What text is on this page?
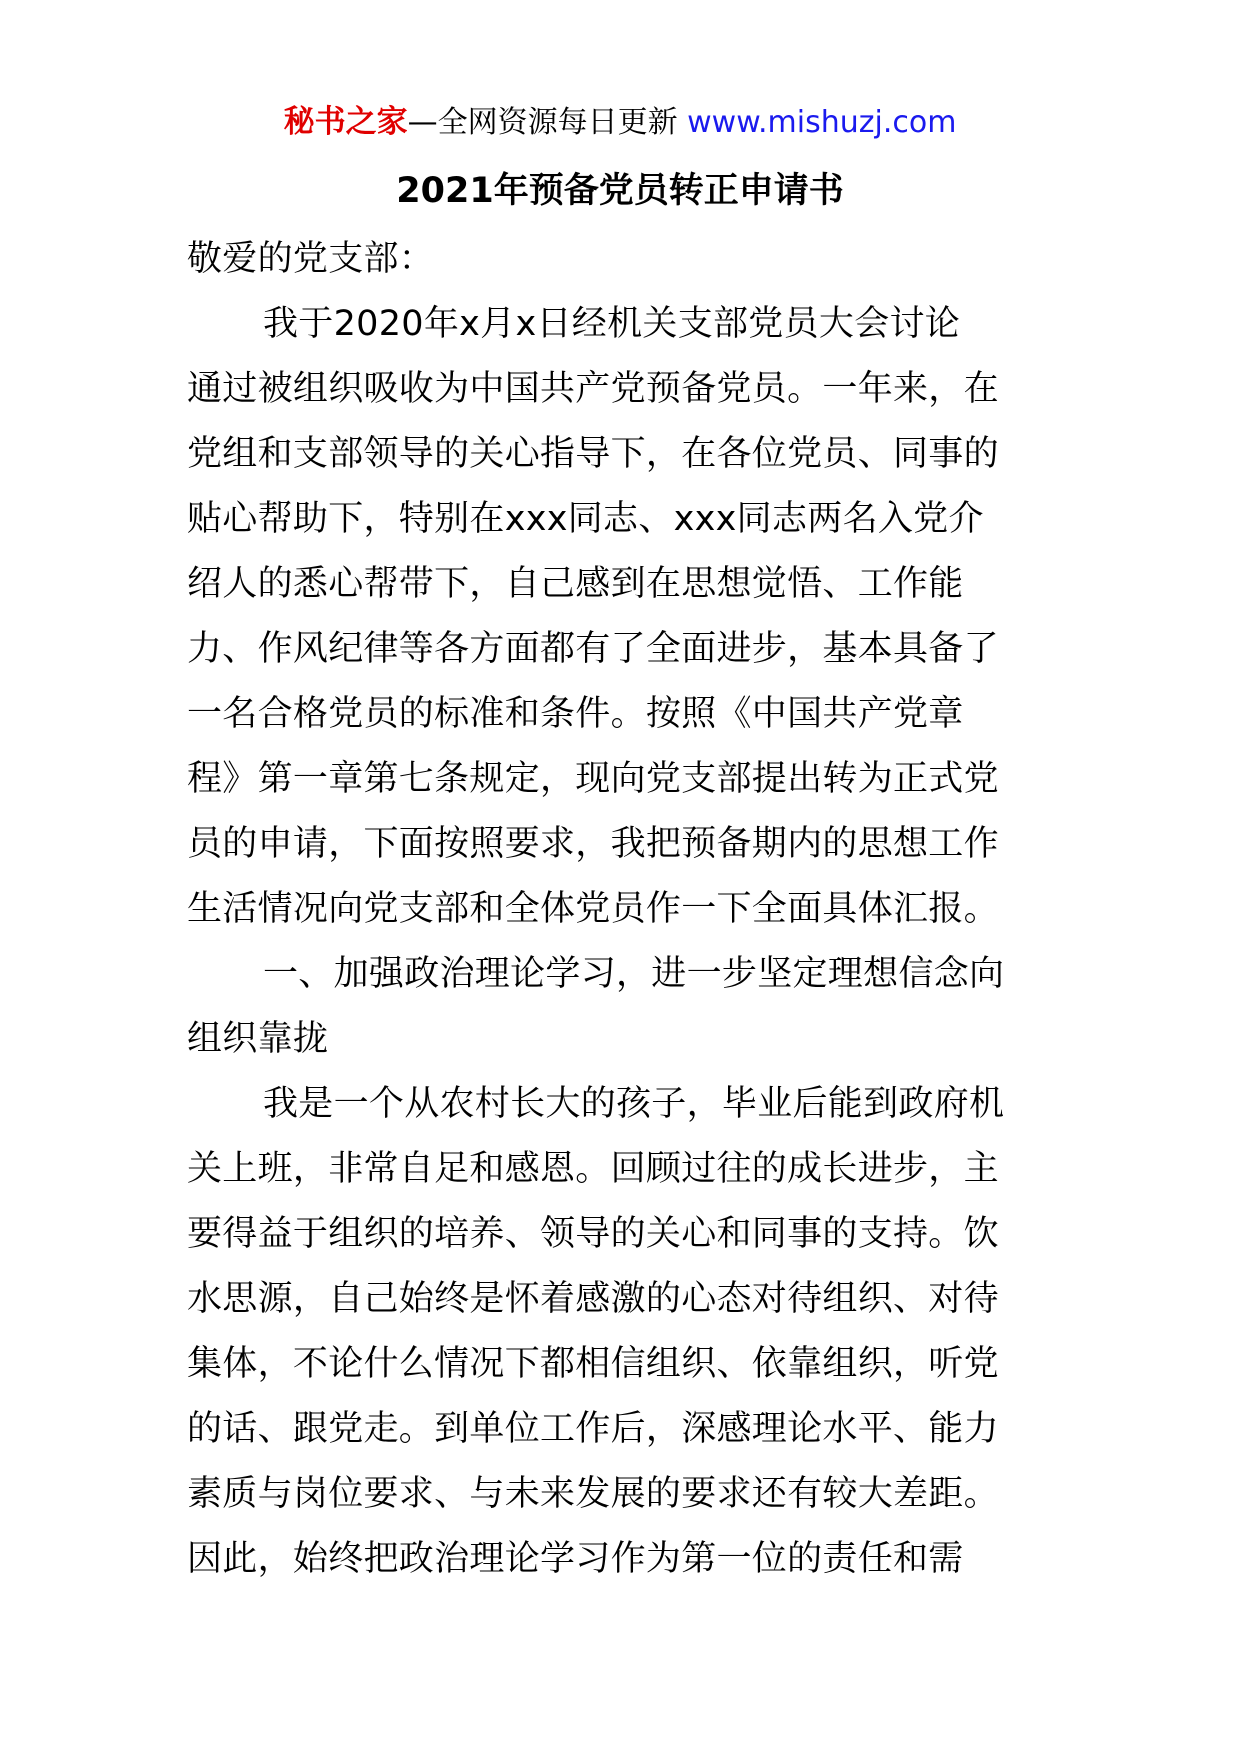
秘书之家—全网资源每日更新 www.mishuzj.com
2021年预备党员转正申请书
敬爱的党支部：
我于2020年x月x日经机关支部党员大会讨论
通过被组织吸收为中国共产党预备党员。一年来，在
党组和支部领导的关心指导下，在各位党员、同事的
贴心帮助下，特别在xxx同志、xxx同志两名入党介
绍人的悉心帮带下，自己感到在思想觉悟、工作能
力、作风纪律等各方面都有了全面进步，基本具备了
一名合格党员的标准和条件。按照《中国共产党章
程》第一章第七条规定，现向党支部提出转为正式党
员的申请，下面按照要求，我把预备期内的思想工作
生活情况向党支部和全体党员作一下全面具体汇报。
一、加强政治理论学习，进一步坚定理想信念向
组织靠拢
我是一个从农村长大的孩子，毕业后能到政府机
关上班，非常自足和感恩。回顾过往的成长进步，主
要得益于组织的培养、领导的关心和同事的支持。饮
水思源，自己始终是怀着感激的心态对待组织、对待
集体，不论什么情况下都相信组织、依靠组织，听党
的话、跟党走。到单位工作后，深感理论水平、能力
素质与岗位要求、与未来发展的要求还有较大差距。
因此，始终把政治理论学习作为第一位的责任和需
